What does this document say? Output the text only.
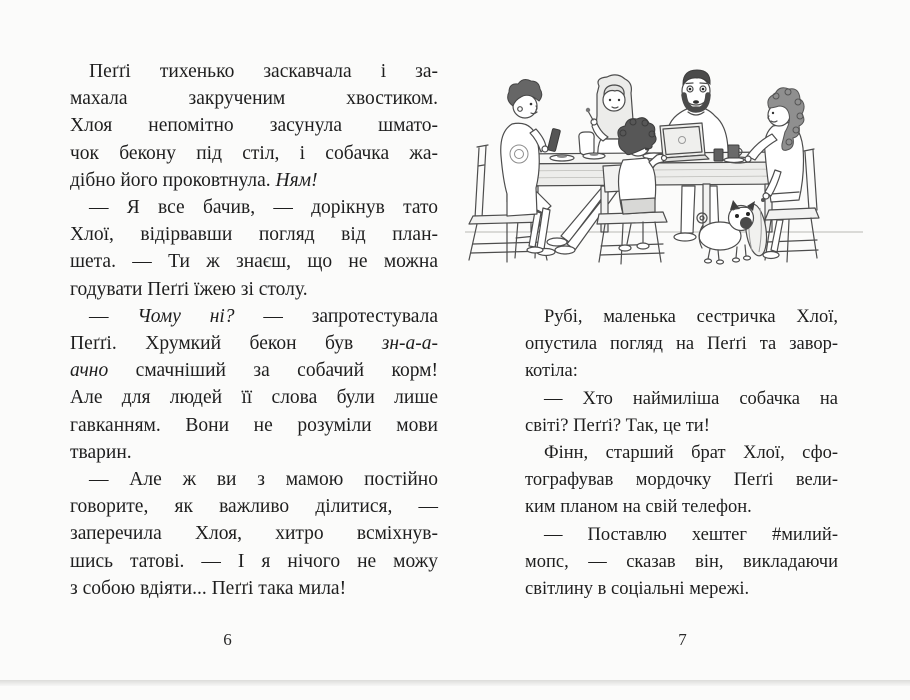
Пеґґі тихенько заскавчала і за-
махала закрученим хвостиком.
Хлоя непомітно засунула шмато-
чок бекону під стіл, і собачка жа-
дібно його проковтнула. Ням!
— Я все бачив, — дорікнув тато
Хлої, відірвавши погляд від план-
шета. — Ти ж знаєш, що не можна
годувати Пеґґі їжею зі столу.
— Чому ні? — запротестувала
Пеґґі. Хрумкий бекон був зн-а-а-
ачно смачніший за собачий корм!
Але для людей її слова були лише
гавканням. Вони не розуміли мови
тварин.
— Але ж ви з мамою постійно
говорите, як важливо ділитися, —
заперечила Хлоя, хитро всміхнув-
шись татові. — І я нічого не можу
з собою вдіяти... Пеґґі така мила!
6
Рубі, маленька сестричка Хлої,
опустила погляд на Пеґґі та завор-
котіла:
— Хто наймиліша собачка на
світі? Пеґґі? Так, це ти!
Фінн, старший брат Хлої, сфо-
тографував мордочку Пеґґі вели-
ким планом на свій телефон.
— Поставлю хештег #милий-
мопс, — сказав він, викладаючи
світлину в соціальні мережі.
7
